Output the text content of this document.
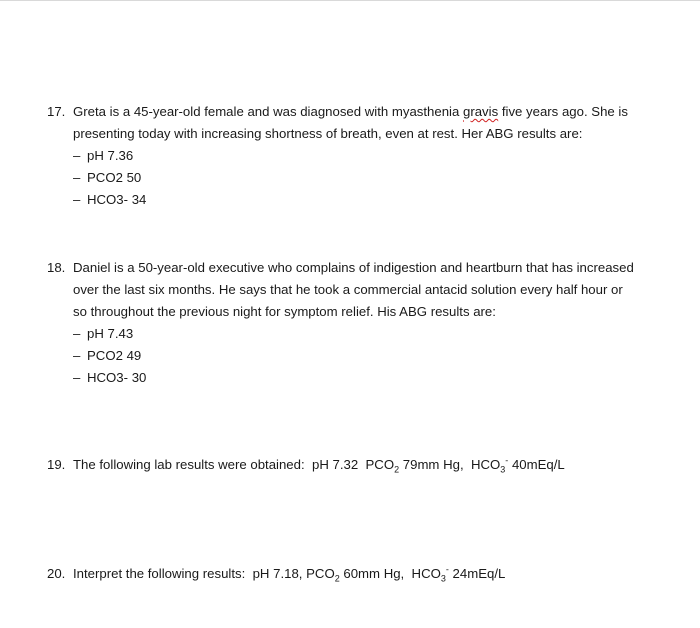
17. Greta is a 45-year-old female and was diagnosed with myasthenia gravis five years ago. She is
presenting today with increasing shortness of breath, even at rest. Her ABG results are:
– pH 7.36
– PCO2 50
– HCO3- 34
18. Daniel is a 50-year-old executive who complains of indigestion and heartburn that has increased
over the last six months. He says that he took a commercial antacid solution every half hour or
so throughout the previous night for symptom relief. His ABG results are:
– pH 7.43
– PCO2 49
– HCO3- 30
19. The following lab results were obtained: pH 7.32 $PCO_2$ 79mm Hg, $HCO_3^-$ 40mEq/L
20. Interpret the following results: pH 7.18, $PCO_2$ 60mm Hg, $HCO_3^-$ 24mEq/L
